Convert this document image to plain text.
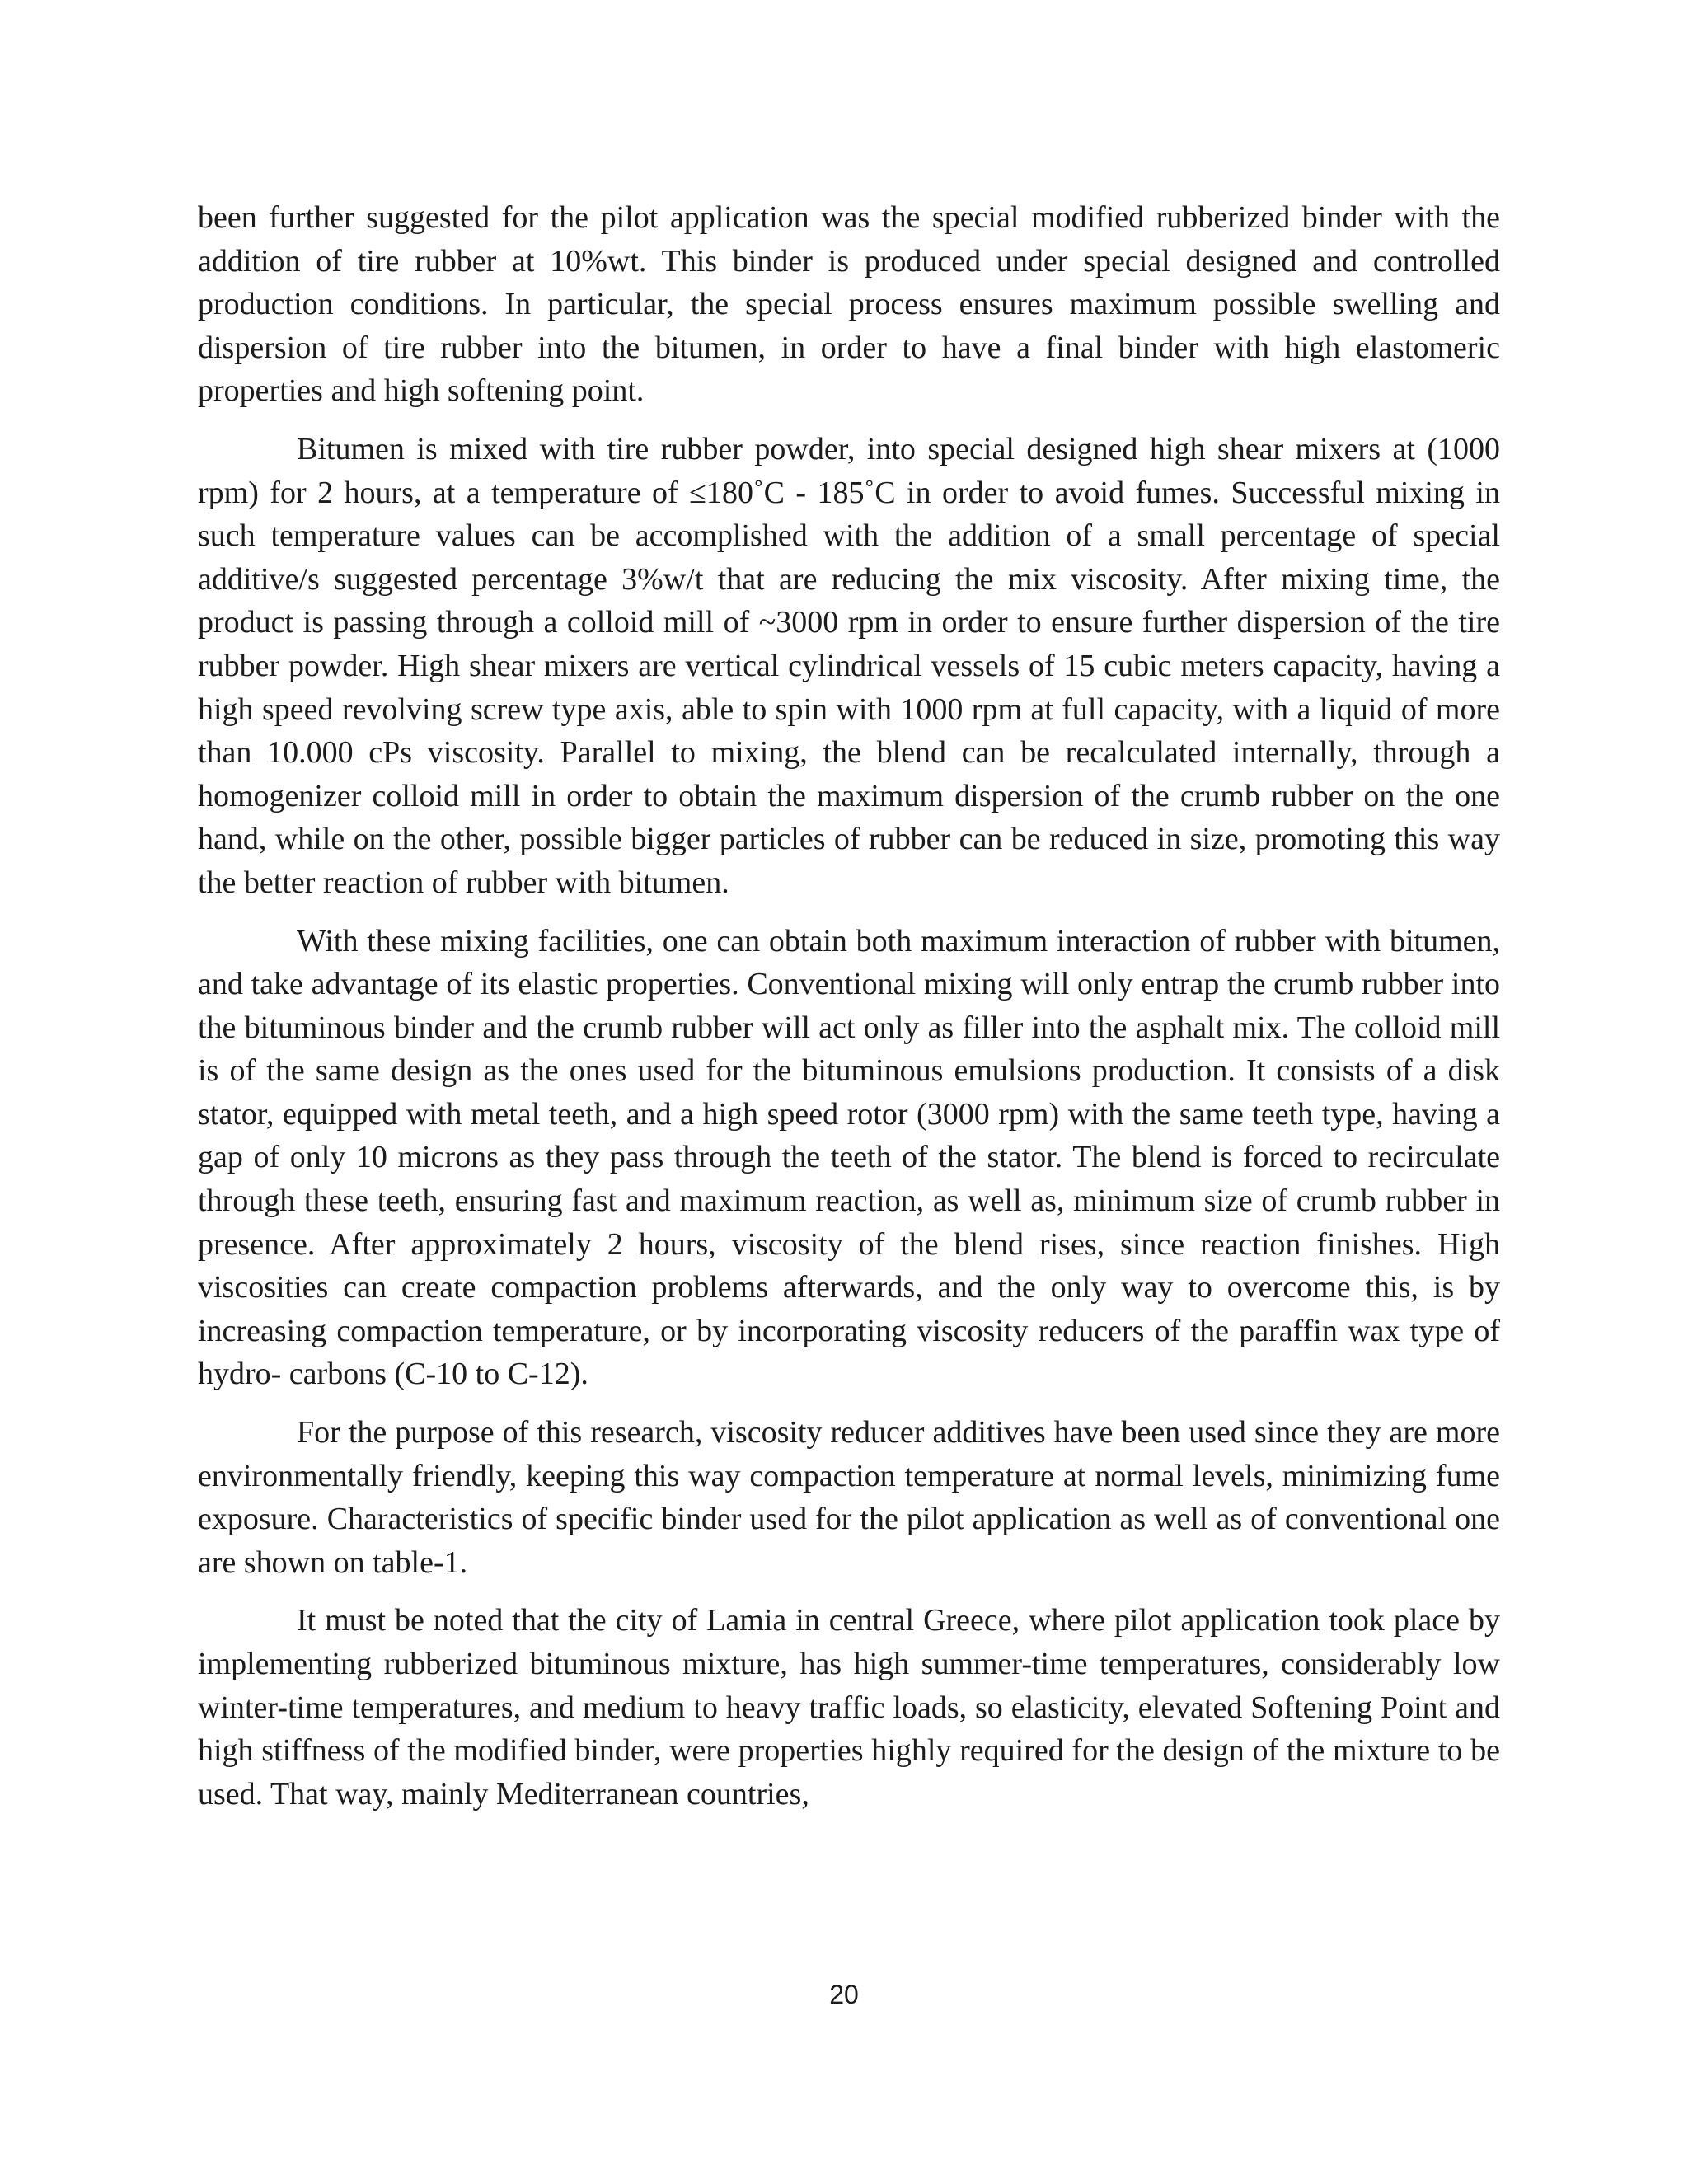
been further suggested for the pilot application was the special modified rubberized binder with the addition of tire rubber at 10%wt. This binder is produced under special designed and controlled production conditions. In particular, the special process ensures maximum possible swelling and dispersion of tire rubber into the bitumen, in order to have a final binder with high elastomeric properties and high softening point.

Bitumen is mixed with tire rubber powder, into special designed high shear mixers at (1000 rpm) for 2 hours, at a temperature of ≤180˚C - 185˚C in order to avoid fumes. Successful mixing in such temperature values can be accomplished with the addition of a small percentage of special additive/s suggested percentage 3%w/t that are reducing the mix viscosity. After mixing time, the product is passing through a colloid mill of ~3000 rpm in order to ensure further dispersion of the tire rubber powder. High shear mixers are vertical cylindrical vessels of 15 cubic meters capacity, having a high speed revolving screw type axis, able to spin with 1000 rpm at full capacity, with a liquid of more than 10.000 cPs viscosity. Parallel to mixing, the blend can be recalculated internally, through a homogenizer colloid mill in order to obtain the maximum dispersion of the crumb rubber on the one hand, while on the other, possible bigger particles of rubber can be reduced in size, promoting this way the better reaction of rubber with bitumen.

With these mixing facilities, one can obtain both maximum interaction of rubber with bitumen, and take advantage of its elastic properties. Conventional mixing will only entrap the crumb rubber into the bituminous binder and the crumb rubber will act only as filler into the asphalt mix. The colloid mill is of the same design as the ones used for the bituminous emulsions production. It consists of a disk stator, equipped with metal teeth, and a high speed rotor (3000 rpm) with the same teeth type, having a gap of only 10 microns as they pass through the teeth of the stator. The blend is forced to recirculate through these teeth, ensuring fast and maximum reaction, as well as, minimum size of crumb rubber in presence. After approximately 2 hours, viscosity of the blend rises, since reaction finishes. High viscosities can create compaction problems afterwards, and the only way to overcome this, is by increasing compaction temperature, or by incorporating viscosity reducers of the paraffin wax type of hydro- carbons (C-10 to C-12).

For the purpose of this research, viscosity reducer additives have been used since they are more environmentally friendly, keeping this way compaction temperature at normal levels, minimizing fume exposure. Characteristics of specific binder used for the pilot application as well as of conventional one are shown on table-1.

It must be noted that the city of Lamia in central Greece, where pilot application took place by implementing rubberized bituminous mixture, has high summer-time temperatures, considerably low winter-time temperatures, and medium to heavy traffic loads, so elasticity, elevated Softening Point and high stiffness of the modified binder, were properties highly required for the design of the mixture to be used. That way, mainly Mediterranean countries,

20
